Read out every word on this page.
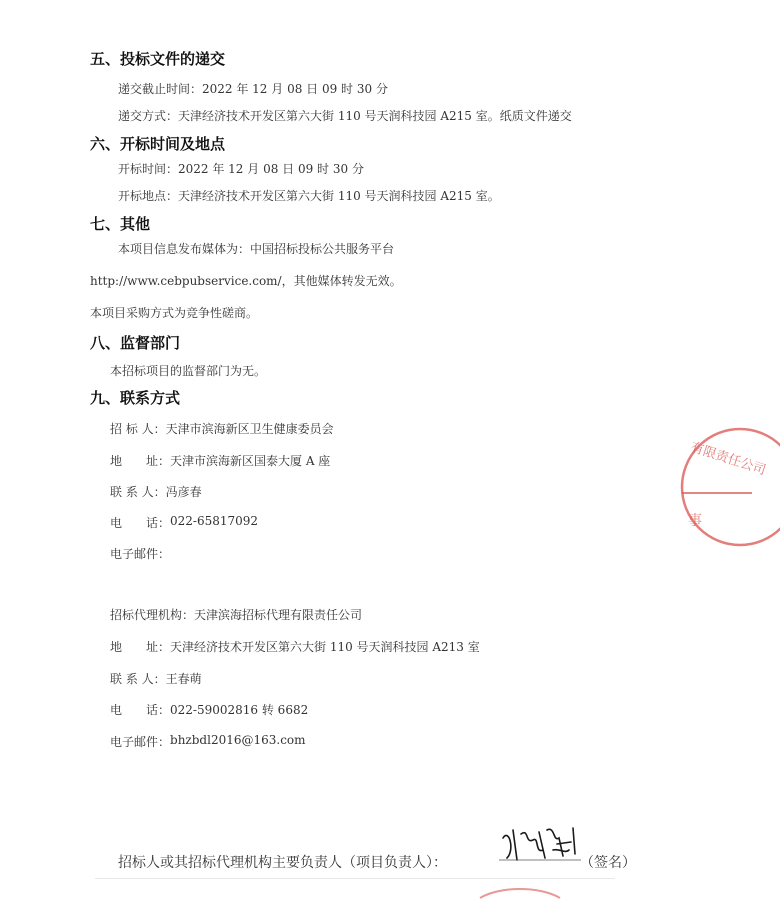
五、投标文件的递交
递交截止时间：2022 年 12 月 08 日 09 时 30 分
递交方式：天津经济技术开发区第六大街 110 号天润科技园 A215 室。纸质文件递交
六、开标时间及地点
开标时间：2022 年 12 月 08 日 09 时 30 分
开标地点：天津经济技术开发区第六大街 110 号天润科技园 A215 室。
七、其他
本项目信息发布媒体为：中国招标投标公共服务平台
http://www.cebpubservice.com/，其他媒体转发无效。
本项目采购方式为竞争性磋商。
八、监督部门
本招标项目的监督部门为无。
九、联系方式
招 标 人： 天津市滨海新区卫生健康委员会
地　　址： 天津市滨海新区国泰大厦 A 座
联 系 人： 冯彦春
电　　话： 022-65817092
电子邮件：
招标代理机构： 天津滨海招标代理有限责任公司
地　　址： 天津经济技术开发区第六大街 110 号天润科技园 A213 室
联 系 人： 王春萌
电　　话： 022-59002816 转 6682
电子邮件： bhzbdl2016@163.com
有限责任公司
事
招标人或其招标代理机构主要负责人（项目负责人）：	（签名）
